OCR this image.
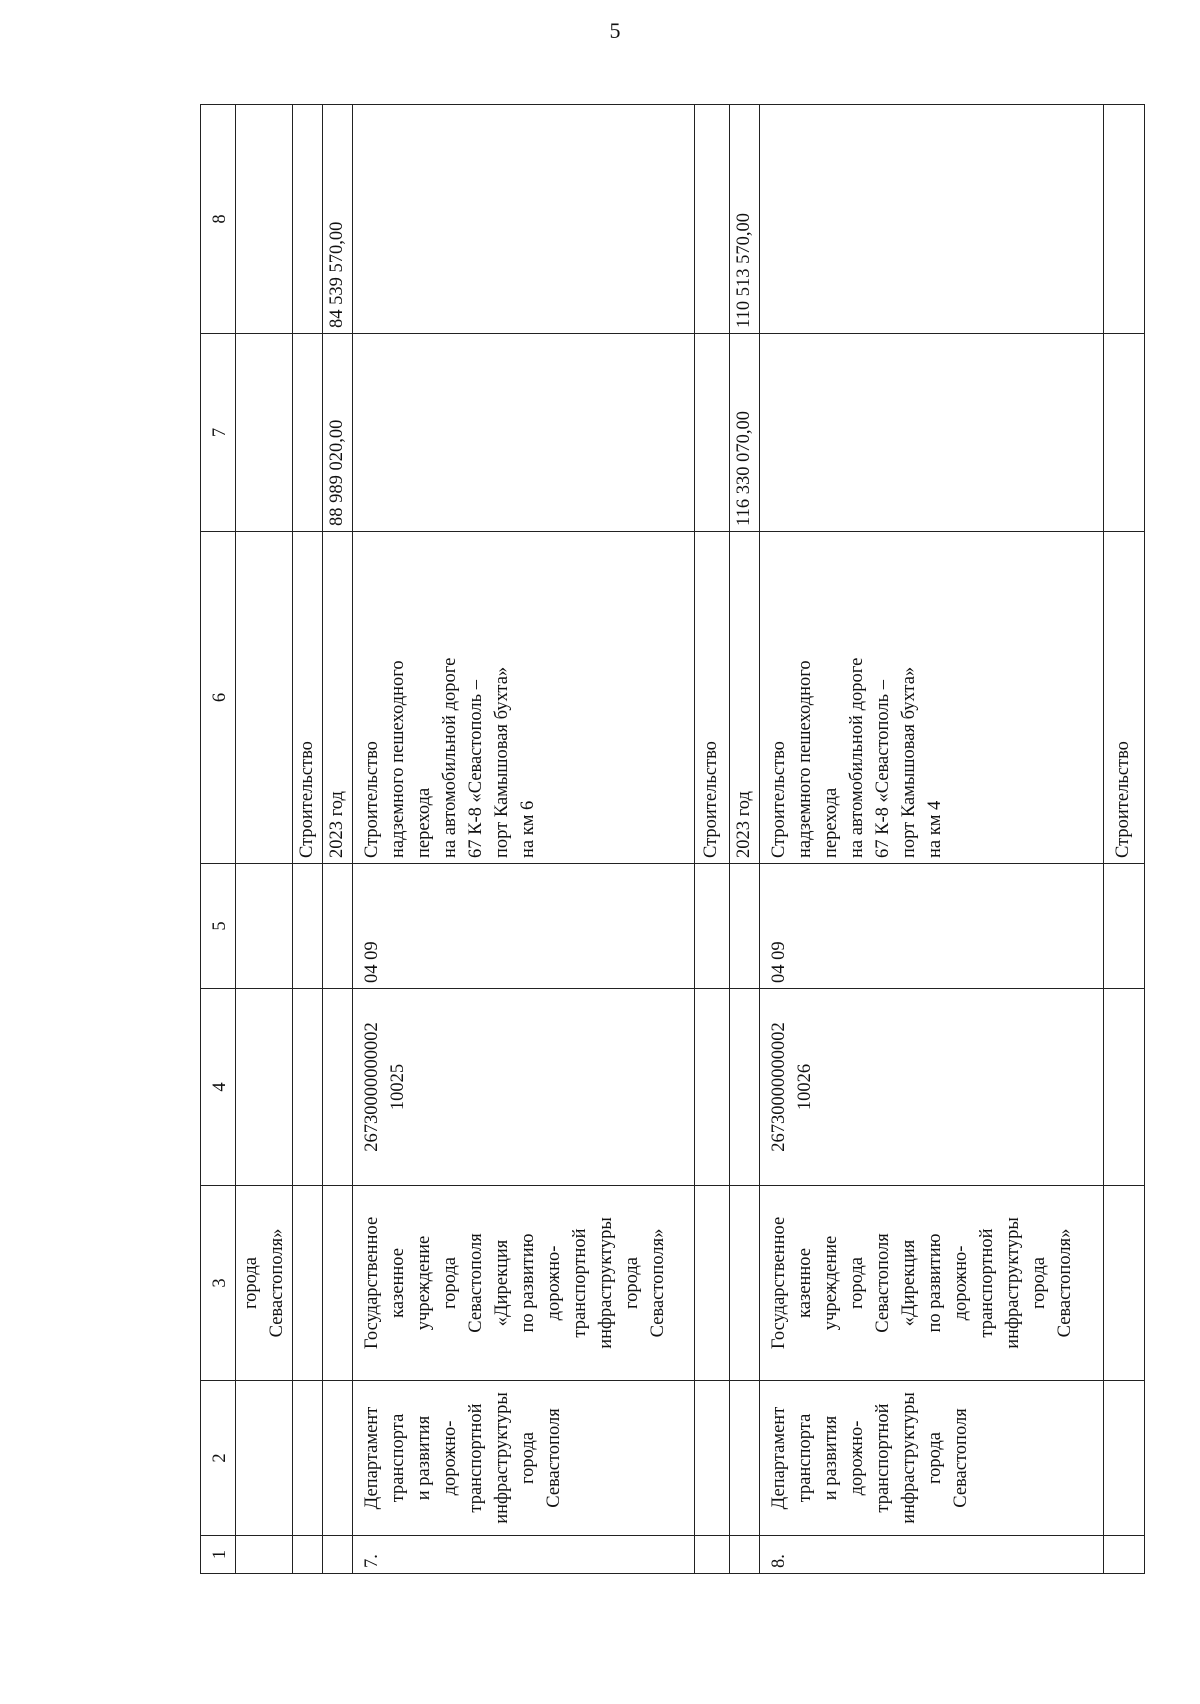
5
1
2
3
4
5
6
7
8
города
Севастополя»
Строительство 2023 год
88 989 020,00
84 539 570,00
7.
Департамент
транспорта
и развития
дорожно-
транспортной
инфраструктуры
города
Севастополя
Государственное
казенное
учреждение
города
Севастополя
«Дирекция
по развитию
дорожно-
транспортной
инфраструктуры
города
Севастополя»
26730000000002
10025
04 09
Строительство
надземного пешеходного
перехода
на автомобильной дороге
67 К-8 «Севастополь –
порт Камышовая бухта»
на км 6	Строительство 2023 год
116 330 070,00
110 513 570,00
8.
Департамент
транспорта
и развития
дорожно-
транспортной
инфраструктуры
города
Севастополя
Государственное
казенное
учреждение
города
Севастополя
«Дирекция
по развитию
дорожно-
транспортной
инфраструктуры
города
Севастополя»
26730000000002
10026
04 09
Строительство
надземного пешеходного
перехода
на автомобильной дороге
67 К-8 «Севастополь –
порт Камышовая бухта»
на км 4	Строительство
